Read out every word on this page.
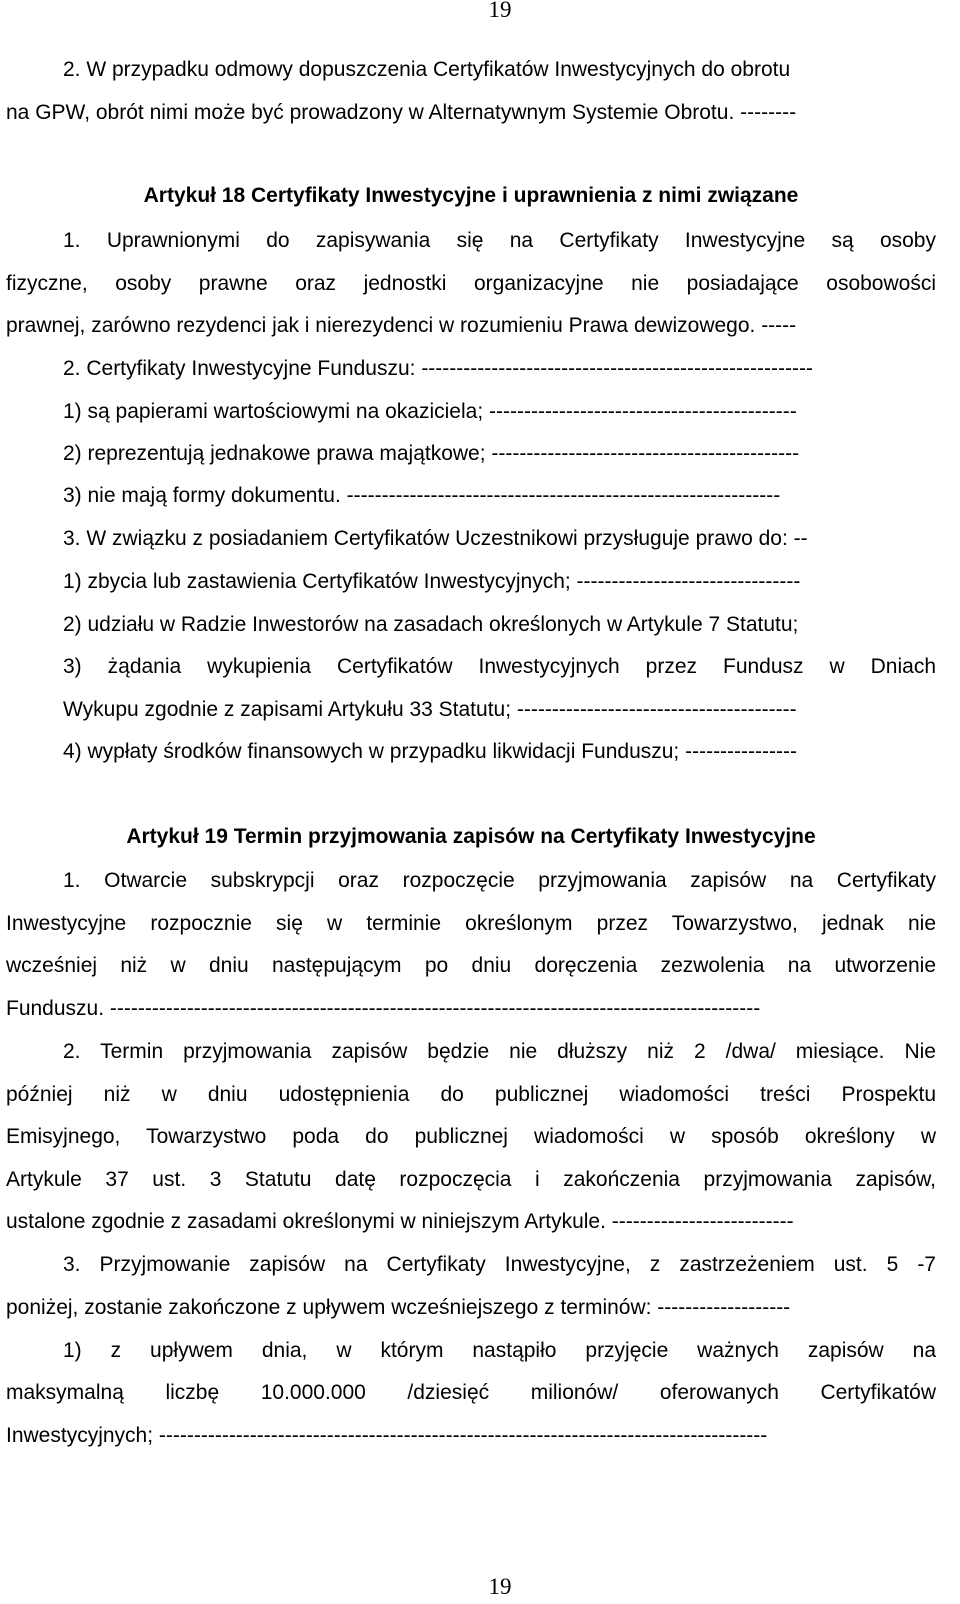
19
2. W przypadku odmowy dopuszczenia Certyfikatów Inwestycyjnych do obrotu
na GPW, obrót nimi może być prowadzony w Alternatywnym Systemie Obrotu. --------
Artykuł 18 Certyfikaty Inwestycyjne i uprawnienia z nimi związane
1. Uprawnionymi do zapisywania się na Certyfikaty Inwestycyjne są osoby
fizyczne, osoby prawne oraz jednostki organizacyjne nie posiadające osobowości
prawnej, zarówno rezydenci jak i nierezydenci w rozumieniu Prawa dewizowego. -----
2. Certyfikaty Inwestycyjne Funduszu: --------------------------------------------------------
1) są papierami wartościowymi na okaziciela; --------------------------------------------
2) reprezentują jednakowe prawa majątkowe; --------------------------------------------
3) nie mają formy dokumentu. --------------------------------------------------------------
3. W związku z posiadaniem Certyfikatów Uczestnikowi przysługuje prawo do: --
1) zbycia lub zastawienia Certyfikatów Inwestycyjnych; --------------------------------
2) udziału w Radzie Inwestorów na zasadach określonych w Artykule 7 Statutu;
3) żądania wykupienia Certyfikatów Inwestycyjnych przez Fundusz w Dniach
Wykupu zgodnie z zapisami Artykułu 33 Statutu; ----------------------------------------
4) wypłaty środków finansowych w przypadku likwidacji Funduszu; ----------------
Artykuł 19 Termin przyjmowania zapisów na Certyfikaty Inwestycyjne
1. Otwarcie subskrypcji oraz rozpoczęcie przyjmowania zapisów na Certyfikaty
Inwestycyjne rozpocznie się w terminie określonym przez Towarzystwo, jednak nie
wcześniej niż w dniu następującym po dniu doręczenia zezwolenia na utworzenie
Funduszu. ---------------------------------------------------------------------------------------------
2. Termin przyjmowania zapisów będzie nie dłuższy niż 2 /dwa/ miesiące. Nie
później niż w dniu udostępnienia do publicznej wiadomości treści Prospektu
Emisyjnego, Towarzystwo poda do publicznej wiadomości w sposób określony w
Artykule 37 ust. 3 Statutu datę rozpoczęcia i zakończenia przyjmowania zapisów,
ustalone zgodnie z zasadami określonymi w niniejszym Artykule. --------------------------
3. Przyjmowanie zapisów na Certyfikaty Inwestycyjne, z zastrzeżeniem ust. 5 -7
poniżej, zostanie zakończone z upływem wcześniejszego z terminów: -------------------
1) z upływem dnia, w którym nastąpiło przyjęcie ważnych zapisów na
maksymalną liczbę 10.000.000 /dziesięć milionów/ oferowanych Certyfikatów
Inwestycyjnych; ---------------------------------------------------------------------------------------
19
